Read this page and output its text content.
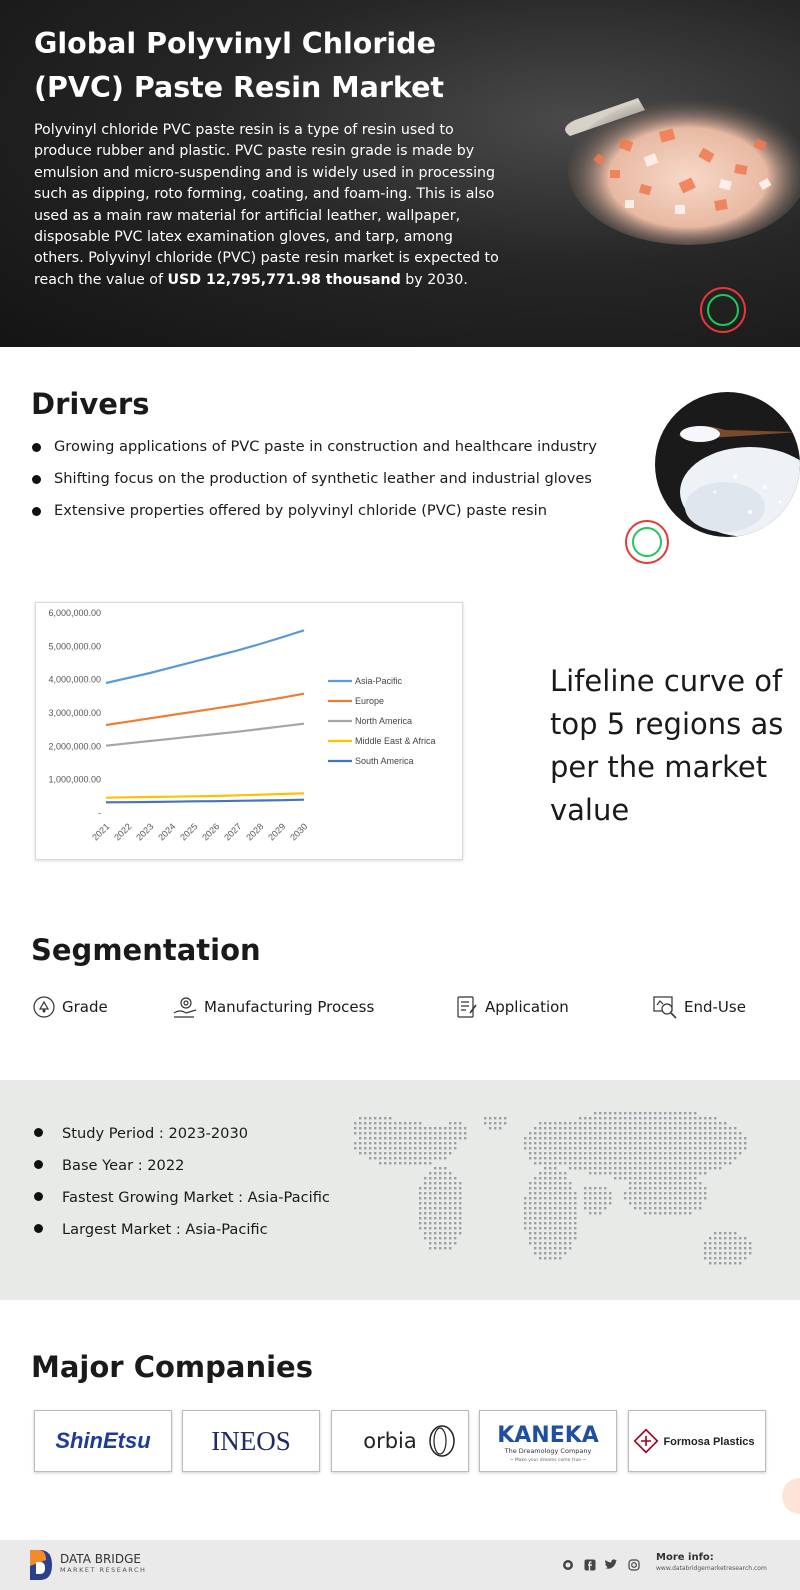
Global Polyvinyl Chloride (PVC) Paste Resin Market

Polyvinyl chloride PVC paste resin is a type of resin used to produce rubber and plastic. PVC paste resin grade is made by emulsion and micro-suspending and is widely used in processing such as dipping, roto forming, coating, and foam-ing. This is also used as a main raw material for artificial leather, wallpaper, disposable PVC latex examination gloves, and tarp, among others. Polyvinyl chloride (PVC) paste resin market is expected to reach the value of USD 12,795,771.98 thousand by 2030.

Drivers
Growing applications of PVC paste in construction and healthcare industry
Shifting focus on the production of synthetic leather and industrial gloves
Extensive properties offered by polyvinyl chloride (PVC) paste resin
-
1,000,000.00
2,000,000.00
3,000,000.00
4,000,000.00
5,000,000.00
6,000,000.00
2021 2022 2023 2024 2025 2026 2027 2028 2029 2030
Asia-Pacific
Europe
North America
Middle East & Africa
South America
Lifeline curve of top 5 regions as per the market value
Segmentation
Grade	Manufacturing Process	Application	End-Use
Study Period : 2023-2030
Base Year : 2022
Fastest Growing Market : Asia-Pacific
Largest Market : Asia-Pacific
Major Companies
ShinEtsu INEOS	orbia	KANEKA
The Dreamology Company
~ Make your dreams come true ~
Formosa Plastics
DATA BRIDGE
MARKET RESEARCH
More info:
www.databridgemarketresearch.com
